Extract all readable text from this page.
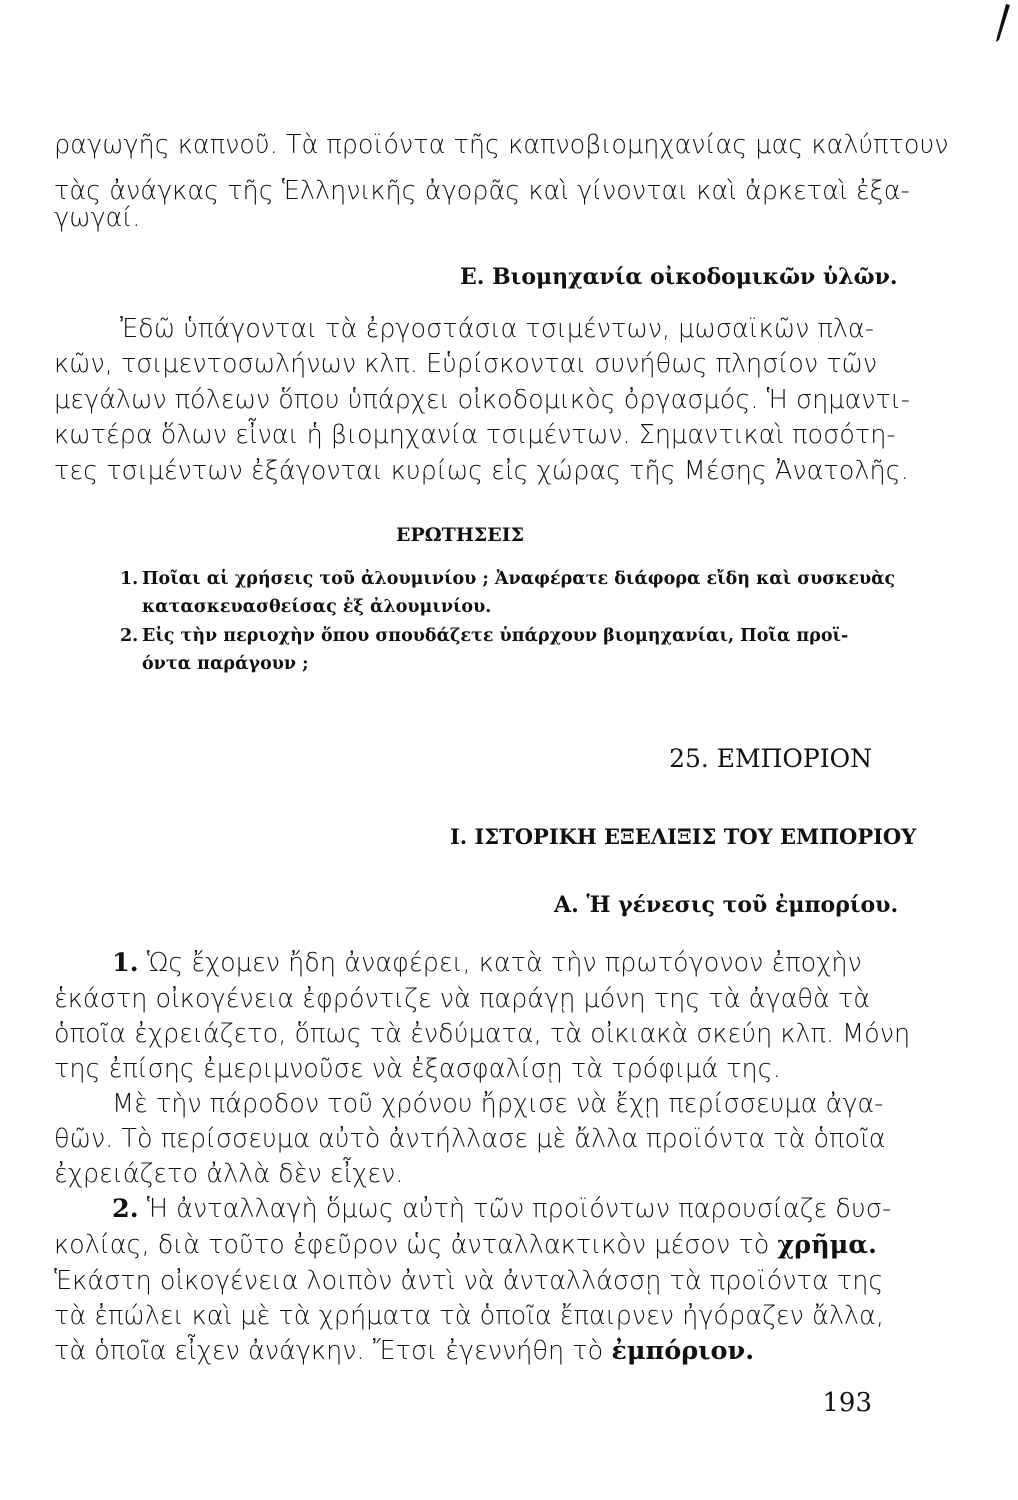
ραγωγῆς καπνοῦ. Τὰ προϊόντα τῆς καπνοβιομηχανίας μας καλύπτουν
τὰς ἀνάγκας τῆς Ἑλληνικῆς ἀγορᾶς καὶ γίνονται καὶ ἀρκεταὶ ἐξα-
γωγαί.
Ε. Βιομηχανία οἰκοδομικῶν ὑλῶν.
Ἐδῶ ὑπάγονται τὰ ἐργοστάσια τσιμέντων, μωσαϊκῶν πλα-
κῶν, τσιμεντοσωλήνων κλπ. Εὑρίσκονται συνήθως πλησίον τῶν
μεγάλων πόλεων ὅπου ὑπάρχει οἰκοδομικὸς ὀργασμός. Ἡ σημαντι-
κωτέρα ὅλων εἶναι ἡ βιομηχανία τσιμέντων. Σημαντικαὶ ποσότη-
τες τσιμέντων ἐξάγονται κυρίως εἰς χώρας τῆς Μέσης Ἀνατολῆς.
ΕΡΩΤΗΣΕΙΣ
1. Ποῖαι αἱ χρήσεις τοῦ ἀλουμινίου ; Ἀναφέρατε διάφορα εἴδη καὶ συσκευὰς
κατασκευασθείσας ἐξ ἀλουμινίου.
2. Εἰς τὴν περιοχὴν ὅπου σπουδάζετε ὑπάρχουν βιομηχανίαι, Ποῖα προϊ-
όντα παράγουν ;
25. ΕΜΠΟΡΙΟΝ
Ι. ΙΣΤΟΡΙΚΗ ΕΞΕΛΙΞΙΣ ΤΟΥ ΕΜΠΟΡΙΟΥ
Α. Ἡ γένεσις τοῦ ἐμπορίου.
1. Ὡς ἔχομεν ἤδη ἀναφέρει, κατὰ τὴν πρωτόγονον ἐποχὴν
ἑκάστη οἰκογένεια ἐφρόντιζε νὰ παράγῃ μόνη της τὰ ἀγαθὰ τὰ
ὁποῖα ἐχρειάζετο, ὅπως τὰ ἐνδύματα, τὰ οἰκιακὰ σκεύη κλπ. Μόνη
της ἐπίσης ἐμεριμνοῦσε νὰ ἐξασφαλίσῃ τὰ τρόφιμά της.
Μὲ τὴν πάροδον τοῦ χρόνου ἤρχισε νὰ ἔχῃ περίσσευμα ἀγα-
θῶν. Τὸ περίσσευμα αὐτὸ ἀντήλλασε μὲ ἄλλα προϊόντα τὰ ὁποῖα
ἐχρειάζετο ἀλλὰ δὲν εἶχεν.
2. Ἡ ἀνταλλαγὴ ὅμως αὐτὴ τῶν προϊόντων παρουσίαζε δυσ-
κολίας, διὰ τοῦτο ἐφεῦρον ὡς ἀνταλλακτικὸν μέσον τὸ χρῆμα.
Ἑκάστη οἰκογένεια λοιπὸν ἀντὶ νὰ ἀνταλλάσσῃ τὰ προϊόντα της
τὰ ἐπώλει καὶ μὲ τὰ χρήματα τὰ ὁποῖα ἔπαιρνεν ἠγόραζεν ἄλλα,
τὰ ὁποῖα εἶχεν ἀνάγκην. Ἔτσι ἐγεννήθη τὸ ἐμπόριον.
193
